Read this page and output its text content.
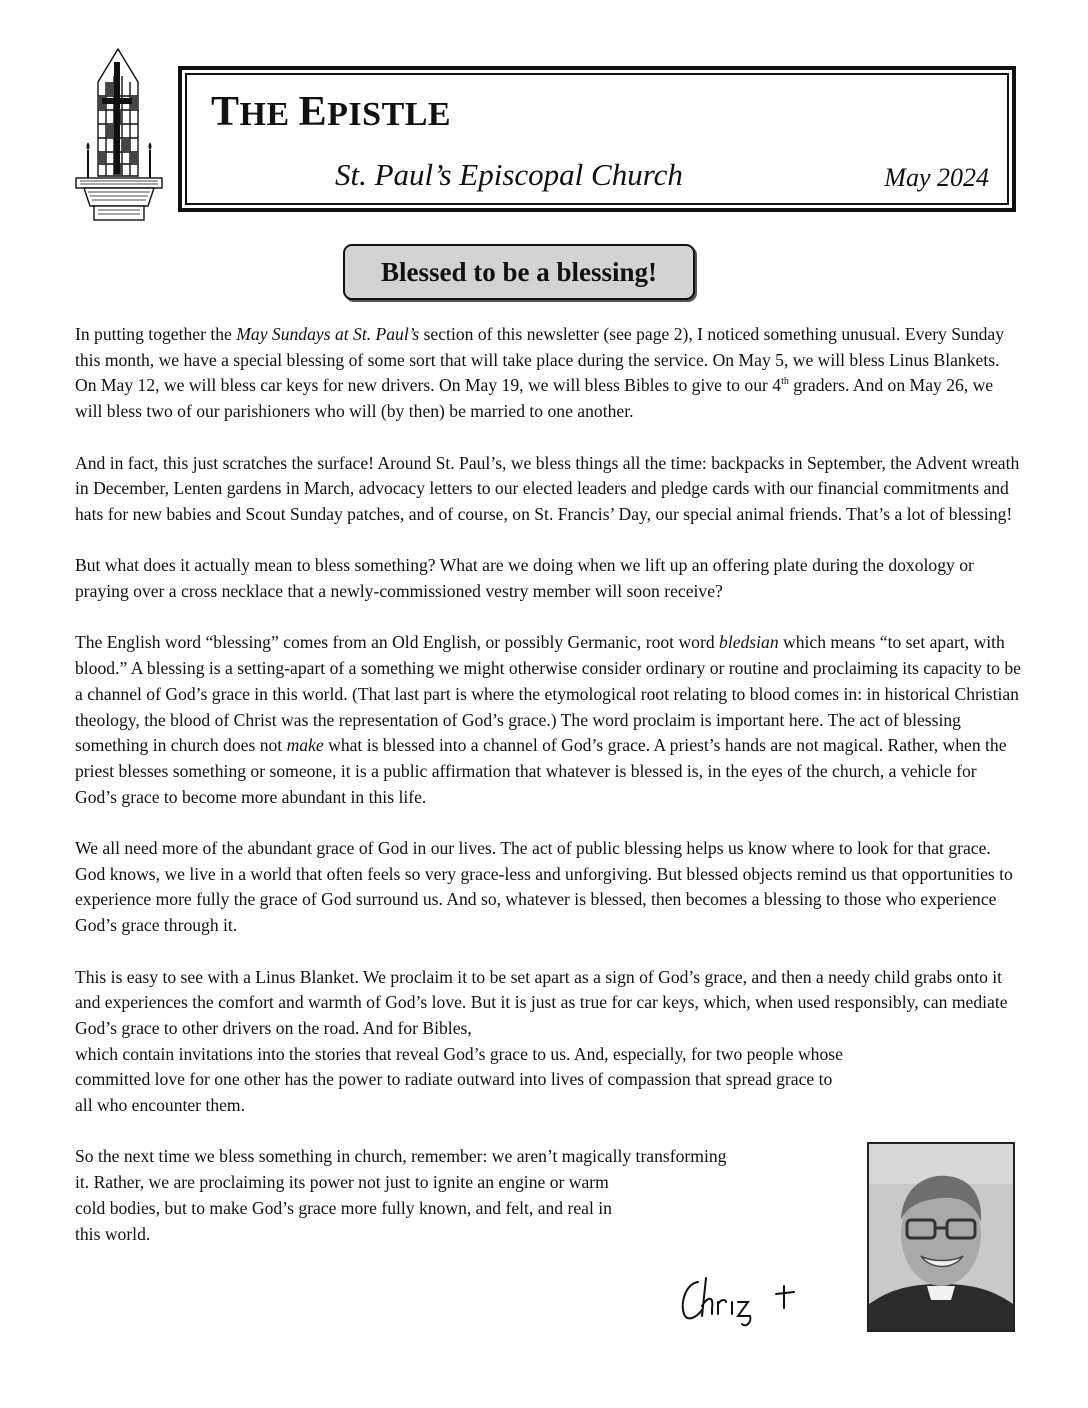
THE EPISTLE
St. Paul’s Episcopal Church	May 2024
Blessed to be a blessing!

In putting together the May Sundays at St. Paul’s section of this newsletter (see page 2), I noticed something unusual. Every Sunday this month, we have a special blessing of some sort that will take place during the service. On May 5, we will bless Linus Blankets. On May 12, we will bless car keys for new drivers. On May 19, we will bless Bibles to give to our 4th graders. And on May 26, we will bless two of our parishioners who will (by then) be married to one another.

And in fact, this just scratches the surface! Around St. Paul’s, we bless things all the time: backpacks in September, the Advent wreath in December, Lenten gardens in March, advocacy letters to our elected leaders and pledge cards with our financial commitments and hats for new babies and Scout Sunday patches, and of course, on St. Francis’ Day, our special animal friends. That’s a lot of blessing!

But what does it actually mean to bless something? What are we doing when we lift up an offering plate during the doxology or praying over a cross necklace that a newly-commissioned vestry member will soon receive?

The English word “blessing” comes from an Old English, or possibly Germanic, root word bledsian which means “to set apart, with blood.” A blessing is a setting-apart of a something we might otherwise consider ordinary or routine and proclaiming its capacity to be a channel of God’s grace in this world. (That last part is where the etymological root relating to blood comes in: in historical Christian theology, the blood of Christ was the representation of God’s grace.) The word proclaim is important here. The act of blessing something in church does not make what is blessed into a channel of God’s grace. A priest’s hands are not magical. Rather, when the priest blesses something or someone, it is a public affirmation that whatever is blessed is, in the eyes of the church, a vehicle for God’s grace to become more abundant in this life.

We all need more of the abundant grace of God in our lives. The act of public blessing helps us know where to look for that grace. God knows, we live in a world that often feels so very grace-less and unforgiving. But blessed objects remind us that opportunities to experience more fully the grace of God surround us. And so, whatever is blessed, then becomes a blessing to those who experience God’s grace through it.

This is easy to see with a Linus Blanket. We proclaim it to be set apart as a sign of God’s grace, and then a needy child grabs onto it and experiences the comfort and warmth of God’s love. But it is just as true for car keys, which, when used responsibly, can mediate God’s grace to other drivers on the road. And for Bibles,

which contain invitations into the stories that reveal God’s grace to us. And, especially, for two people whose committed love for one other has the power to radiate outward into lives of compassion that spread grace to all who encounter them.

So the next time we bless something in church, remember: we aren’t magically transforming

it. Rather, we are proclaiming its power not just to ignite an engine or warm cold bodies, but to make God’s grace more fully known, and felt, and real in this world.
